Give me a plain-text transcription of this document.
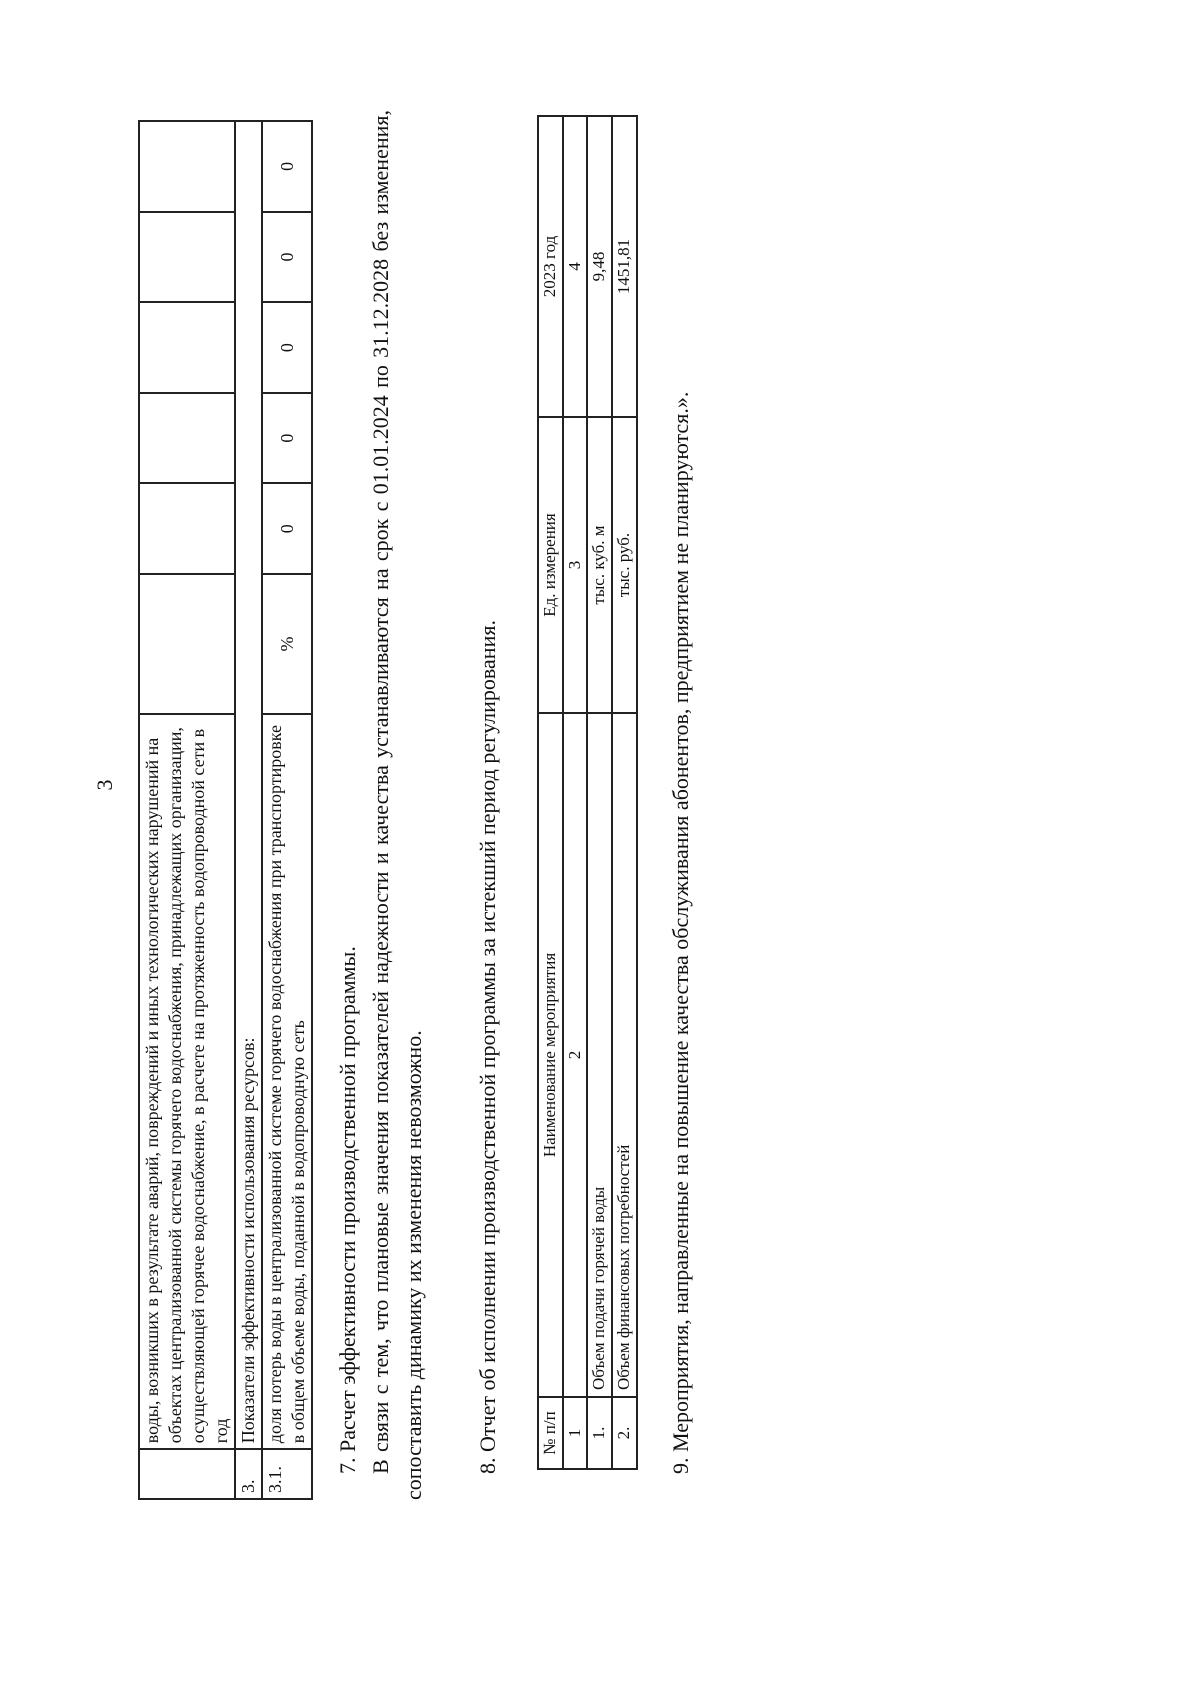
3
	воды, возникших в результате аварий, повреждений и иных технологических нарушений на объектах централизованной системы горячего водоснабжения, принадлежащих организации, осуществляющей горячее водоснабжение, в расчете на протяженность водопроводной сети в год						
3.	Показатели эффективности использования ресурсов:						
3.1.	доля потерь воды в централизованной системе горячего водоснабжения при транспортировке в общем объеме воды, поданной в водопроводную сеть	%	0	0	0	0	0
7. Расчет эффективности производственной программы. В связи с тем, что плановые значения показателей надежности и качества устанавливаются на срок с 01.01.2024 по 31.12.2028 без изменения, сопоставить динамику их изменения невозможно. 8. Отчет об исполнении производственной программы за истекший период регулирования. № п/п	Наименование мероприятия	Ед. измерения	2023 год
1	2	3	4
1.	Объем подачи горячей воды	тыс. куб. м	9,48
2.	Объем финансовых потребностей	тыс. руб.	1451,81
9. Мероприятия, направленные на повышение качества обслуживания абонентов, предприятием не планируются.».
